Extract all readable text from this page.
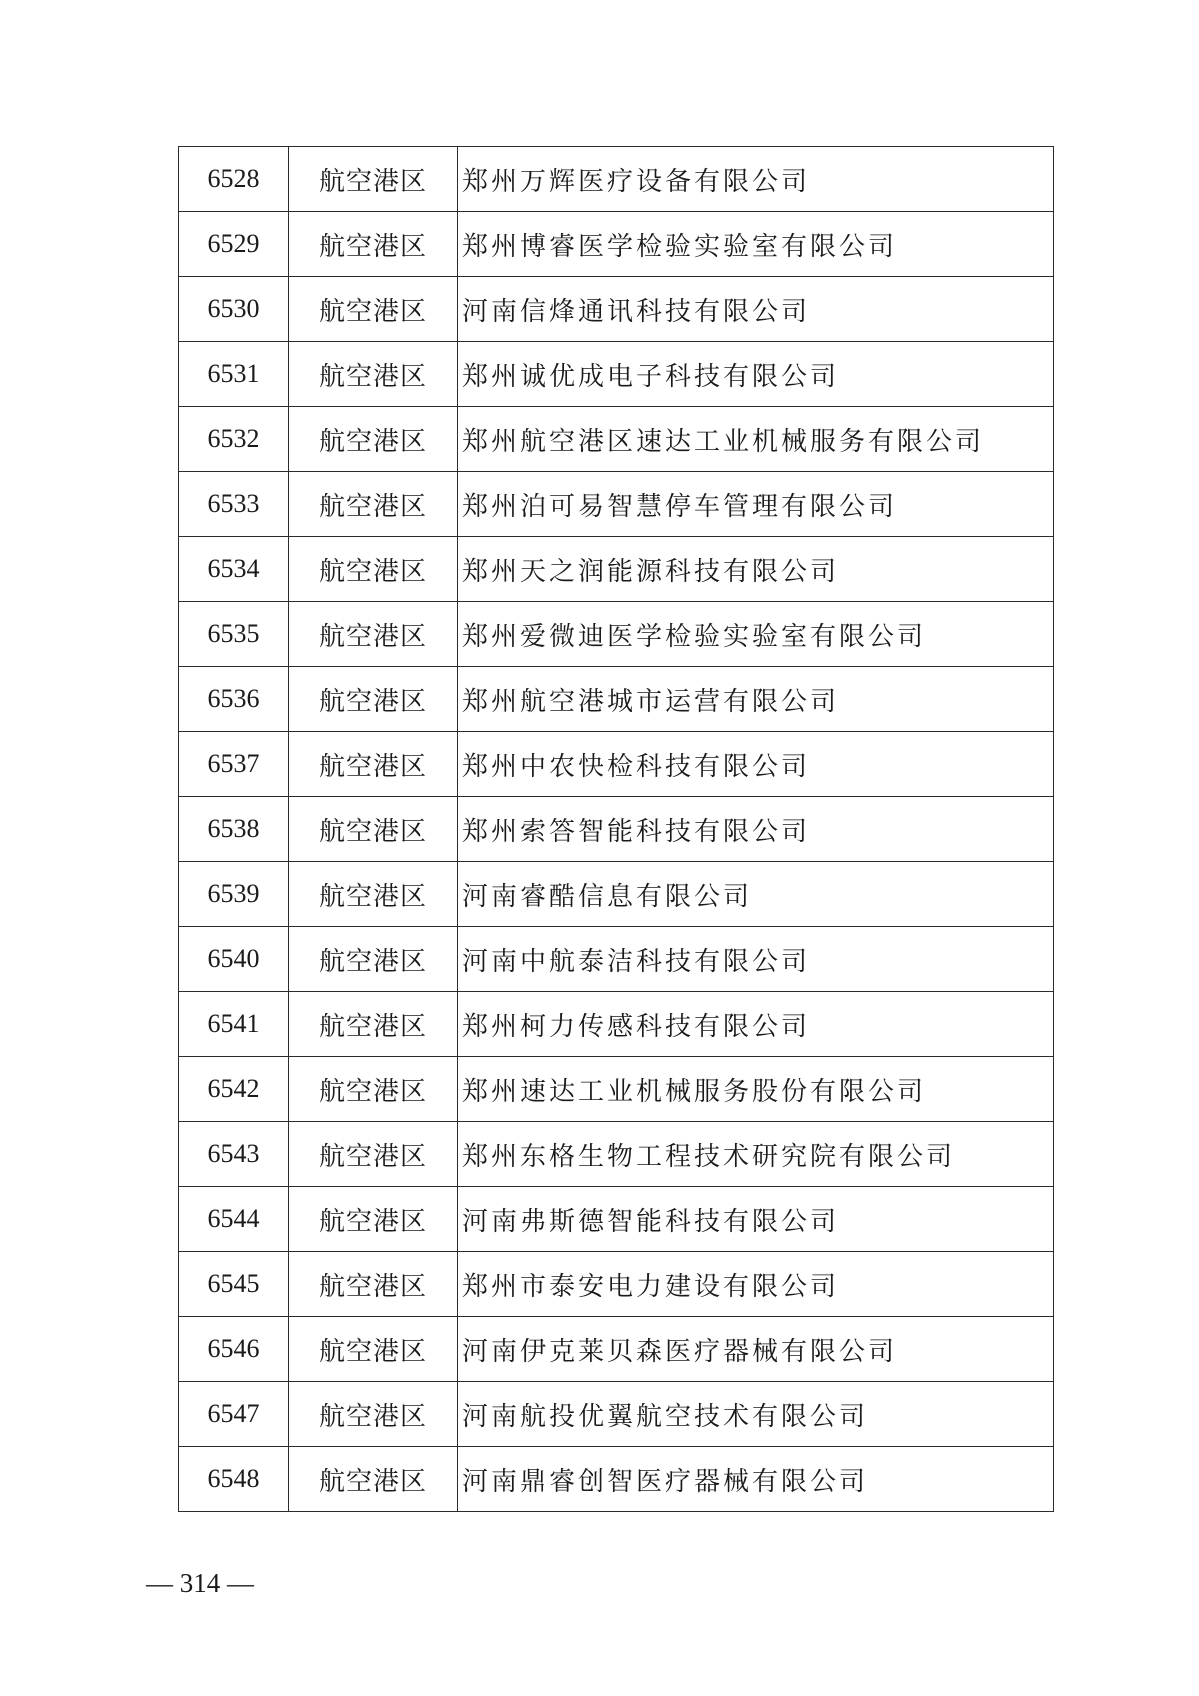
6528	航空港区	郑州万辉医疗设备有限公司
6529	航空港区	郑州博睿医学检验实验室有限公司
6530	航空港区	河南信烽通讯科技有限公司
6531	航空港区	郑州诚优成电子科技有限公司
6532	航空港区	郑州航空港区速达工业机械服务有限公司
6533	航空港区	郑州泊可易智慧停车管理有限公司
6534	航空港区	郑州天之润能源科技有限公司
6535	航空港区	郑州爱微迪医学检验实验室有限公司
6536	航空港区	郑州航空港城市运营有限公司
6537	航空港区	郑州中农快检科技有限公司
6538	航空港区	郑州索答智能科技有限公司
6539	航空港区	河南睿酷信息有限公司
6540	航空港区	河南中航泰洁科技有限公司
6541	航空港区	郑州柯力传感科技有限公司
6542	航空港区	郑州速达工业机械服务股份有限公司
6543	航空港区	郑州东格生物工程技术研究院有限公司
6544	航空港区	河南弗斯德智能科技有限公司
6545	航空港区	郑州市泰安电力建设有限公司
6546	航空港区	河南伊克莱贝森医疗器械有限公司
6547	航空港区	河南航投优翼航空技术有限公司
6548	航空港区	河南鼎睿创智医疗器械有限公司
— 314 —
